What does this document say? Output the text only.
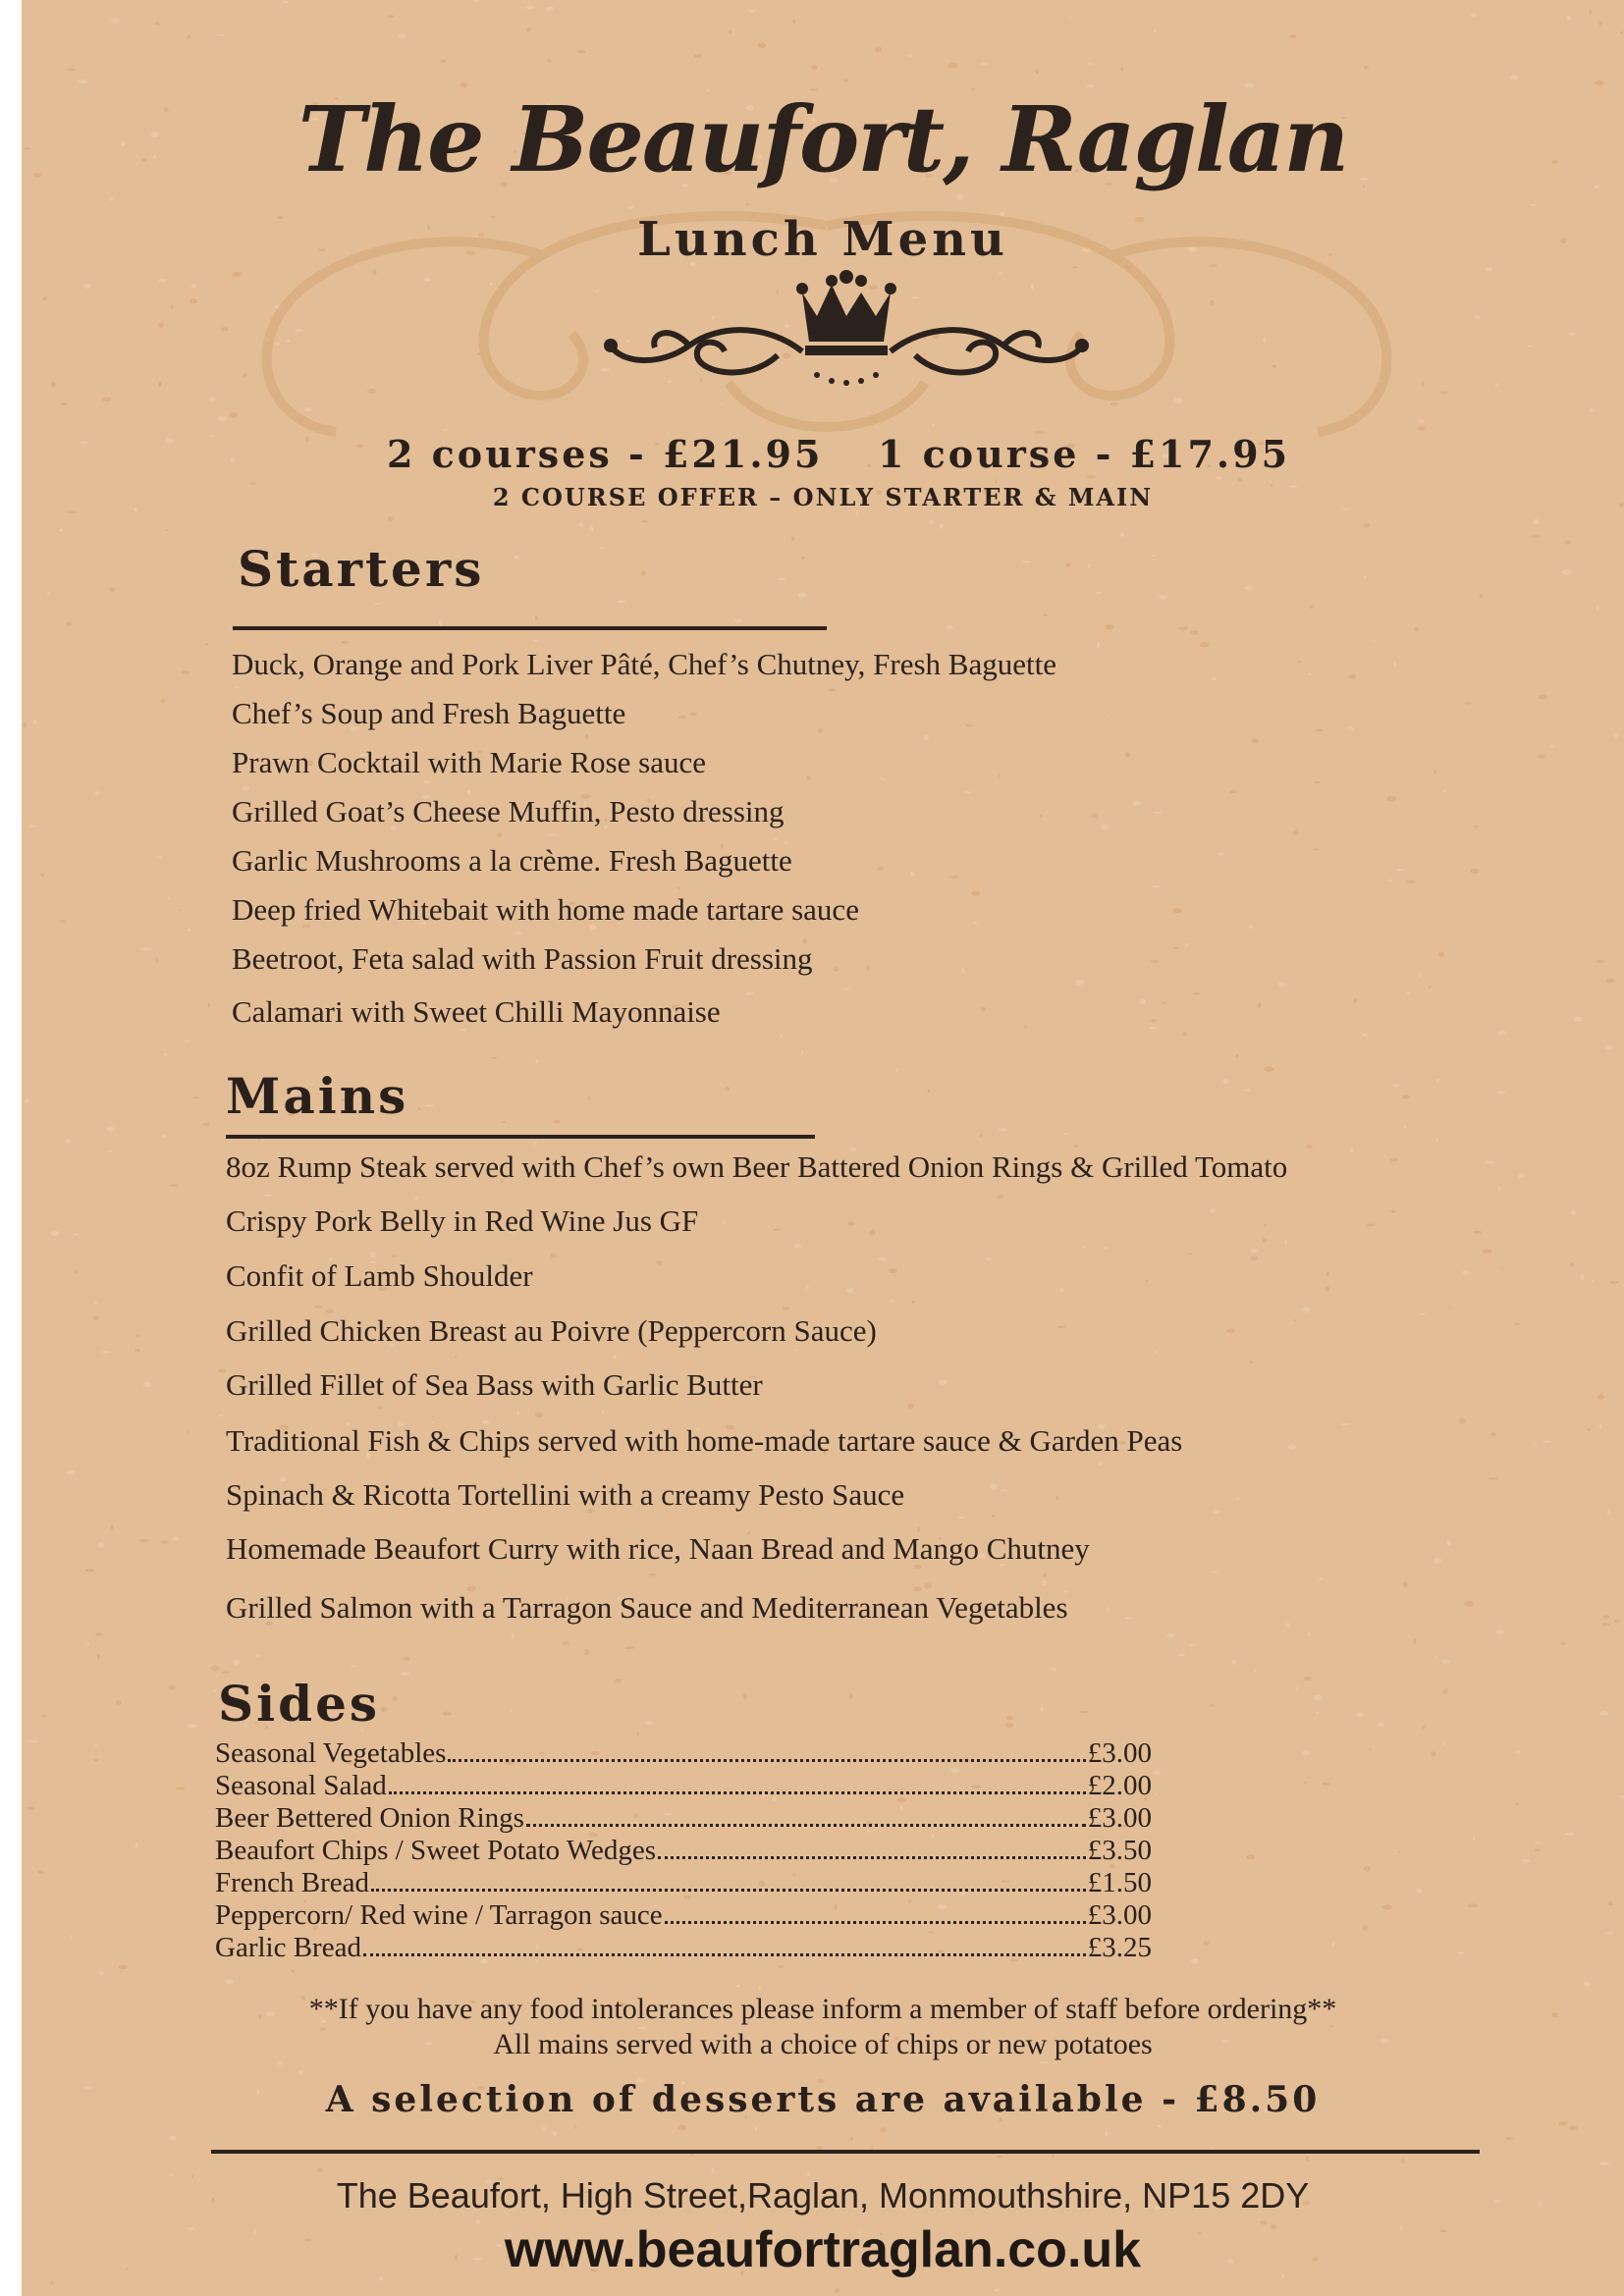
The Beaufort, Raglan
Lunch Menu
2 courses - £21.95 1 course - £17.95
2 COURSE OFFER – ONLY STARTER & MAIN
Starters
Duck, Orange and Pork Liver Pâté, Chef’s Chutney, Fresh Baguette
Chef’s Soup and Fresh Baguette
Prawn Cocktail with Marie Rose sauce
Grilled Goat’s Cheese Muffin, Pesto dressing
Garlic Mushrooms a la crème. Fresh Baguette
Deep fried Whitebait with home made tartare sauce
Beetroot, Feta salad with Passion Fruit dressing
Calamari with Sweet Chilli Mayonnaise
Mains
8oz Rump Steak served with Chef’s own Beer Battered Onion Rings & Grilled Tomato
Crispy Pork Belly in Red Wine Jus GF
Confit of Lamb Shoulder
Grilled Chicken Breast au Poivre (Peppercorn Sauce)
Grilled Fillet of Sea Bass with Garlic Butter
Traditional Fish & Chips served with home-made tartare sauce & Garden Peas
Spinach & Ricotta Tortellini with a creamy Pesto Sauce
Homemade Beaufort Curry with rice, Naan Bread and Mango Chutney
Grilled Salmon with a Tarragon Sauce and Mediterranean Vegetables
Sides
Seasonal Vegetables	£3.00
Seasonal Salad	£2.00
Beer Bettered Onion Rings	£3.00
Beaufort Chips / Sweet Potato Wedges	£3.50
French Bread	£1.50
Peppercorn/ Red wine / Tarragon sauce	£3.00
Garlic Bread	£3.25
**If you have any food intolerances please inform a member of staff before ordering**
All mains served with a choice of chips or new potatoes
A selection of desserts are available - £8.50
The Beaufort, High Street,Raglan, Monmouthshire, NP15 2DY
www.beaufortraglan.co.uk
